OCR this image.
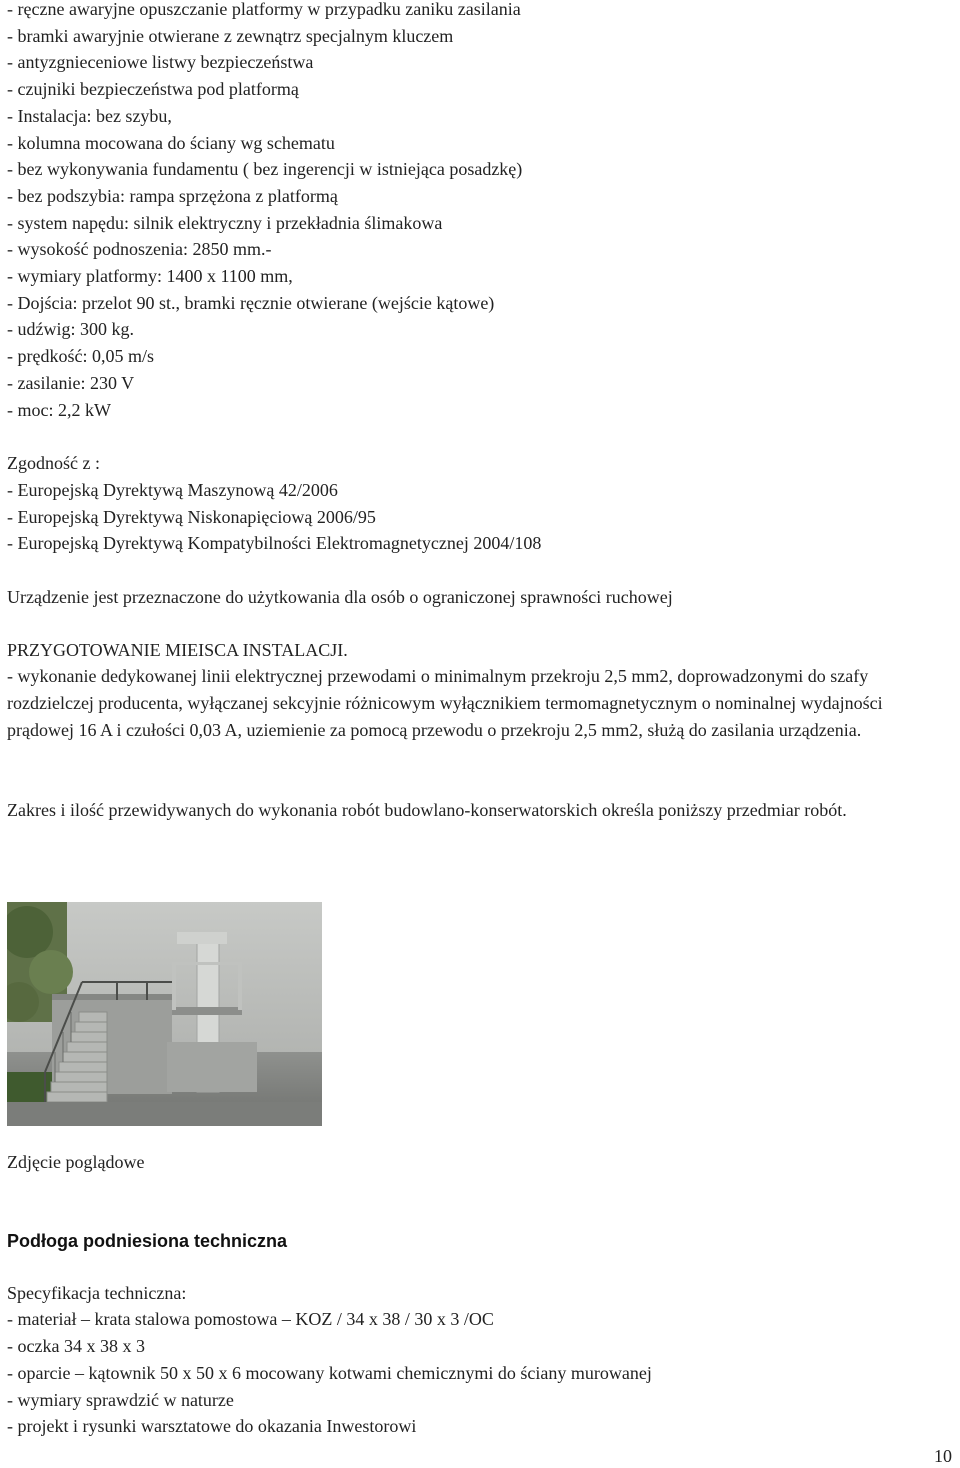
- ręczne awaryjne opuszczanie platformy w przypadku zaniku zasilania

- bramki awaryjnie otwierane z zewnątrz specjalnym kluczem

- antyzgnieceniowe listwy bezpieczeństwa

- czujniki bezpieczeństwa pod platformą

- Instalacja: bez szybu,

- kolumna mocowana do ściany wg schematu

- bez wykonywania fundamentu ( bez ingerencji w istniejąca posadzkę)

- bez podszybia: rampa sprzężona z platformą

- system napędu: silnik elektryczny i przekładnia ślimakowa

- wysokość podnoszenia: 2850 mm.-

- wymiary platformy: 1400 x 1100 mm,

- Dojścia: przelot 90 st., bramki ręcznie otwierane (wejście kątowe)

- udźwig: 300 kg.

- prędkość: 0,05 m/s

- zasilanie: 230 V

- moc: 2,2 kW

Zgodność z :

- Europejską Dyrektywą Maszynową 42/2006

- Europejską Dyrektywą Niskonapięciową 2006/95

- Europejską Dyrektywą Kompatybilności Elektromagnetycznej 2004/108

Urządzenie jest przeznaczone do użytkowania dla osób o ograniczonej sprawności ruchowej

PRZYGOTOWANIE MIEISCA INSTALACJI.

- wykonanie dedykowanej linii elektrycznej przewodami o minimalnym przekroju 2,5 mm2, doprowadzonymi do szafy rozdzielczej producenta, wyłączanej sekcyjnie różnicowym wyłącznikiem termomagnetycznym o nominalnej wydajności prądowej 16 A i czułości 0,03 A, uziemienie za pomocą przewodu o przekroju 2,5 mm2, służą do zasilania urządzenia.

Zakres i ilość przewidywanych do wykonania robót budowlano-konserwatorskich określa poniższy przedmiar robót.

Zdjęcie poglądowe

Podłoga podniesiona techniczna

Specyfikacja techniczna:

- materiał – krata stalowa pomostowa – KOZ / 34 x 38 / 30 x 3 /OC

- oczka 34 x 38 x 3

- oparcie – kątownik 50 x 50 x 6 mocowany kotwami chemicznymi do ściany murowanej

- wymiary sprawdzić w naturze

- projekt i rysunki warsztatowe do okazania Inwestorowi

10
